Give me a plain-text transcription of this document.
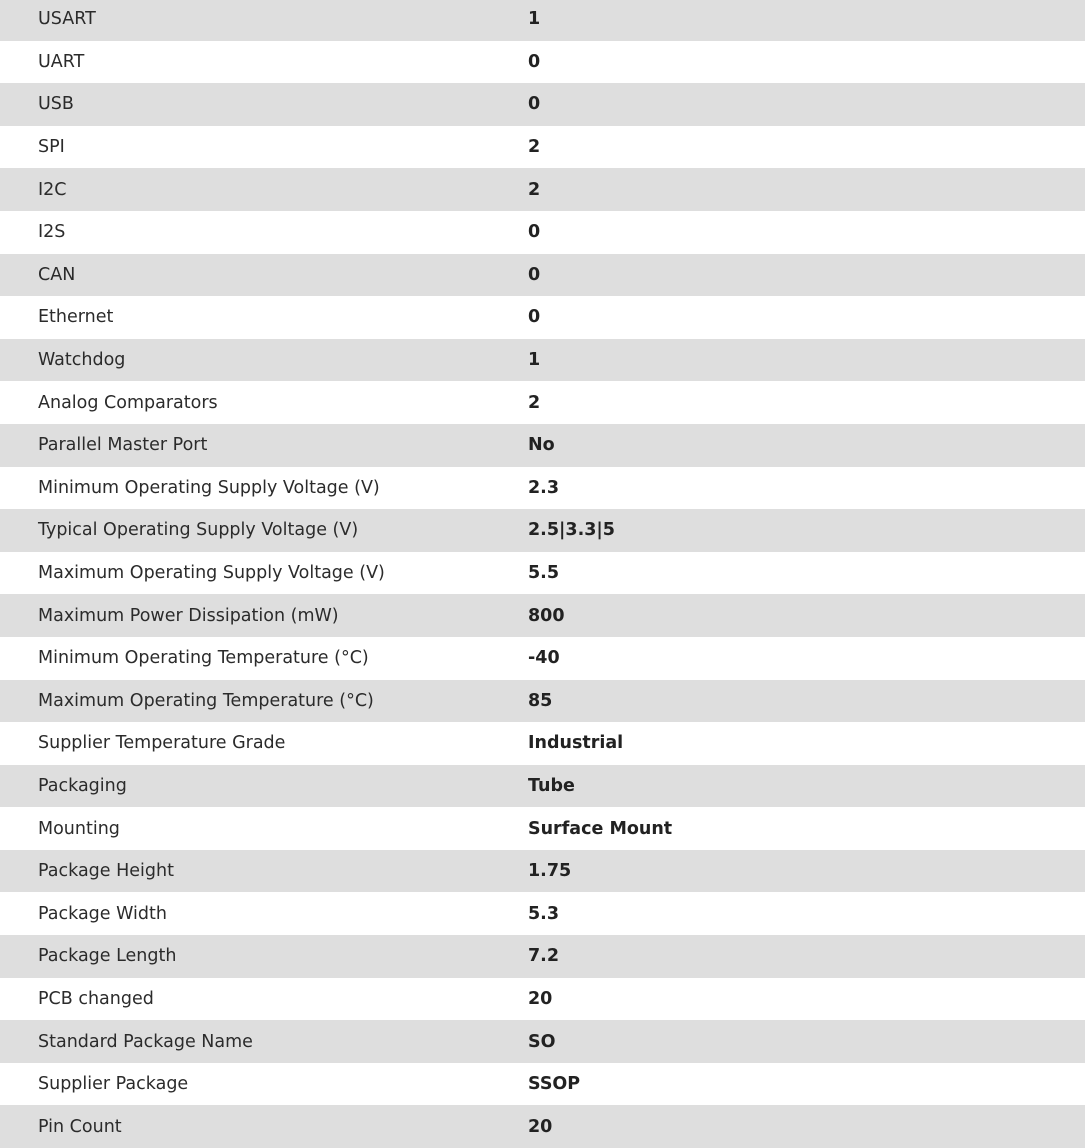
USART	1
UART	0
USB	0
SPI	2
I2C	2
I2S	0
CAN	0
Ethernet	0
Watchdog	1
Analog Comparators	2
Parallel Master Port	No
Minimum Operating Supply Voltage (V)	2.3
Typical Operating Supply Voltage (V)	2.5|3.3|5
Maximum Operating Supply Voltage (V)	5.5
Maximum Power Dissipation (mW)	800
Minimum Operating Temperature (°C)	-40
Maximum Operating Temperature (°C)	85
Supplier Temperature Grade	Industrial
Packaging	Tube
Mounting	Surface Mount
Package Height	1.75
Package Width	5.3
Package Length	7.2
PCB changed	20
Standard Package Name	SO
Supplier Package	SSOP
Pin Count	20
